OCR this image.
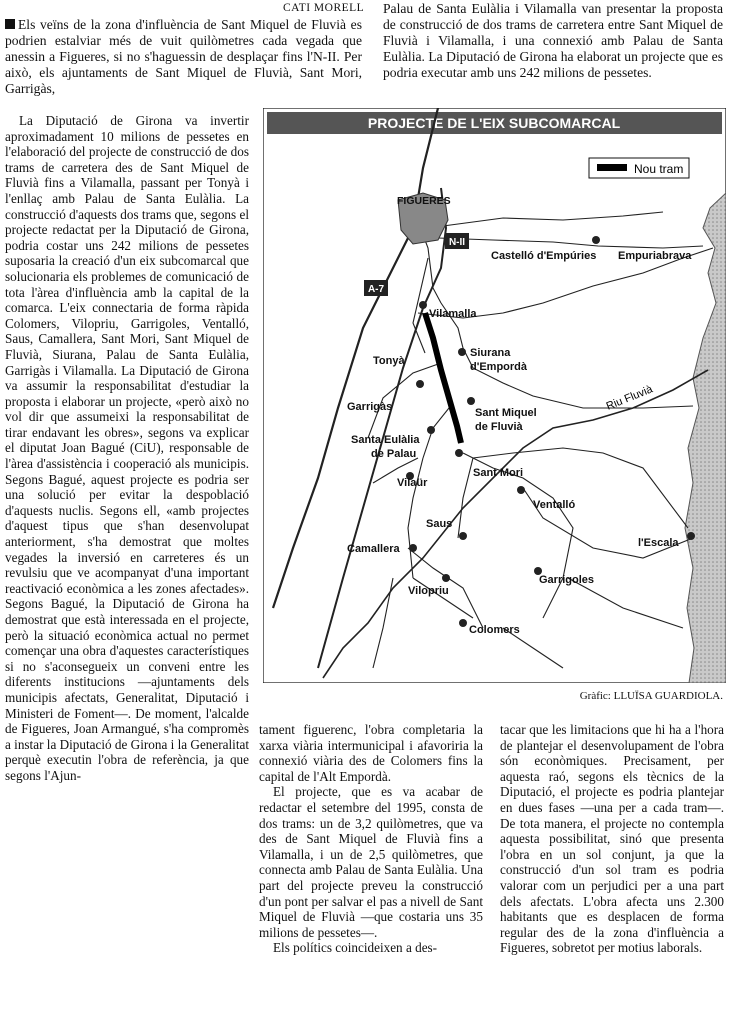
CATI MORELL
Els veïns de la zona d'influència de Sant Miquel de Fluvià es podrien estalviar més de vuit quilòmetres cada vegada que anessin a Figueres, si no s'haguessin de desplaçar fins l'N-II. Per això, els ajuntaments de Sant Miquel de Fluvià, Sant Mori, Garrigàs,
Palau de Santa Eulàlia i Vilamalla van presentar la proposta de construcció de dos trams de carretera entre Sant Miquel de Fluvià i Vilamalla, i una connexió amb Palau de Santa Eulàlia. La Diputació de Girona ha elaborat un projecte que es podria executar amb uns 242 milions de pessetes.

La Diputació de Girona va invertir aproximadament 10 milions de pessetes en l'elaboració del projecte de construcció de dos trams de carretera des de Sant Miquel de Fluvià fins a Vilamalla, passant per Tonyà i l'enllaç amb Palau de Santa Eulàlia. La construcció d'aquests dos trams que, segons el projecte redactat per la Diputació de Girona, podria costar uns 242 milions de pessetes suposaria la creació d'un eix subcomarcal que solucionaria els problemes de comunicació de tota l'àrea d'influència amb la capital de la comarca. L'eix connectaria de forma ràpida Colomers, Vilopriu, Garrigoles, Ventalló, Saus, Camallera, Sant Mori, Sant Miquel de Fluvià, Siurana, Palau de Santa Eulàlia, Garrigàs i Vilamalla. La Diputació de Girona va assumir la responsabilitat d'estudiar la proposta i elaborar un projecte, «però això no vol dir que assumeixi la responsabilitat de tirar endavant les obres», segons va explicar el diputat Joan Bagué (CiU), responsable de l'àrea d'assistència i cooperació als municipis. Segons Bagué, aquest projecte es podria ser una solució per evitar la despoblació d'aquests nuclis. Segons ell, «amb projectes d'aquest tipus que s'han desenvolupat anteriorment, s'ha demostrat que moltes vegades la inversió en carreteres és un revulsiu que ve acompanyat d'una important reactivació econòmica a les zones afectades». Segons Bagué, la Diputació de Girona ha demostrat que està interessada en el projecte, però la situació econòmica actual no permet començar una obra d'aquestes característiques si no s'aconsegueix un conveni entre les diferents institucions —ajuntaments dels municipis afectats, Generalitat, Diputació i Ministeri de Foment—. De moment, l'alcalde de Figueres, Joan Armangué, s'ha compromès a instar la Diputació de Girona i la Generalitat perquè executin l'obra de referència, ja que segons l'Ajun-

PROJECTE DE L'EIX SUBCOMARCAL
Nou tram
N-II
A-7
Riu Fluvià
FIGUERES
Castelló d'Empúries Empuriabrava
Vilamalla
Tonyà
Siurana
d'Empordà
Garrigàs	Sant Miquel
de Fluvià
Santa Eulàlia
de Palau
Sant Mori
Vilaür
Ventalló
Saus
l'Escala
Camallera
Garrigoles
Vilopriu
Colomers
Gràfic: LLUÏSA GUARDIOLA.

tament figuerenc, l'obra completaria la xarxa viària intermunicipal i afavoriria la connexió viària des de Colomers fins la capital de l'Alt Empordà.

El projecte, que es va acabar de redactar el setembre del 1995, consta de dos trams: un de 3,2 quilòmetres, que va des de Sant Miquel de Fluvià fins a Vilamalla, i un de 2,5 quilòmetres, que connecta amb Palau de Santa Eulàlia. Una part del projecte preveu la construcció d'un pont per salvar el pas a nivell de Sant Miquel de Fluvià —que costaria uns 35 milions de pessetes—.

Els polítics coincideixen a des-

tacar que les limitacions que hi ha a l'hora de plantejar el desenvolupament de l'obra són econòmiques. Precisament, per aquesta raó, segons els tècnics de la Diputació, el projecte es podria plantejar en dues fases —una per a cada tram—. De tota manera, el projecte no contempla aquesta possibilitat, sinó que presenta l'obra en un sol conjunt, ja que la construcció d'un sol tram es podria valorar com un perjudici per a una part dels afectats. L'obra afecta uns 2.300 habitants que es desplacen de forma regular des de la zona d'influència a Figueres, sobretot per motius laborals.
